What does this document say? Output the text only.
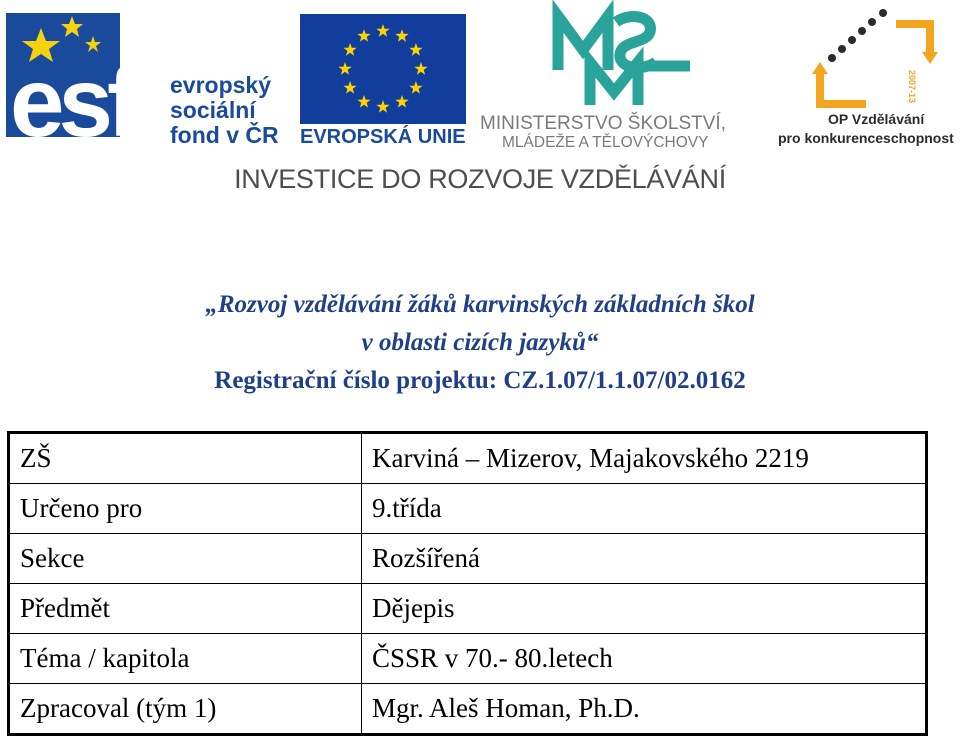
esf evropský
sociální
fond v ČR EVROPSKÁ UNIE
MINISTERSTVO ŠKOLSTVÍ,
MLÁDEŽE A TĚLOVÝCHOVY
2007-13
OP Vzdělávání
pro konkurenceschopnost
INVESTICE DO ROZVOJE VZDĚLÁVÁNÍ
„Rozvoj vzdělávání žáků karvinských základních škol
v oblasti cizích jazyků“
Registrační číslo projektu: CZ.1.07/1.1.07/02.0162
ZŠ	Karviná – Mizerov, Majakovského 2219
Určeno pro	9.třída
Sekce	Rozšířená
Předmět	Dějepis
Téma / kapitola	ČSSR v 70.- 80.letech
Zpracoval (tým 1)	Mgr. Aleš Homan, Ph.D.
